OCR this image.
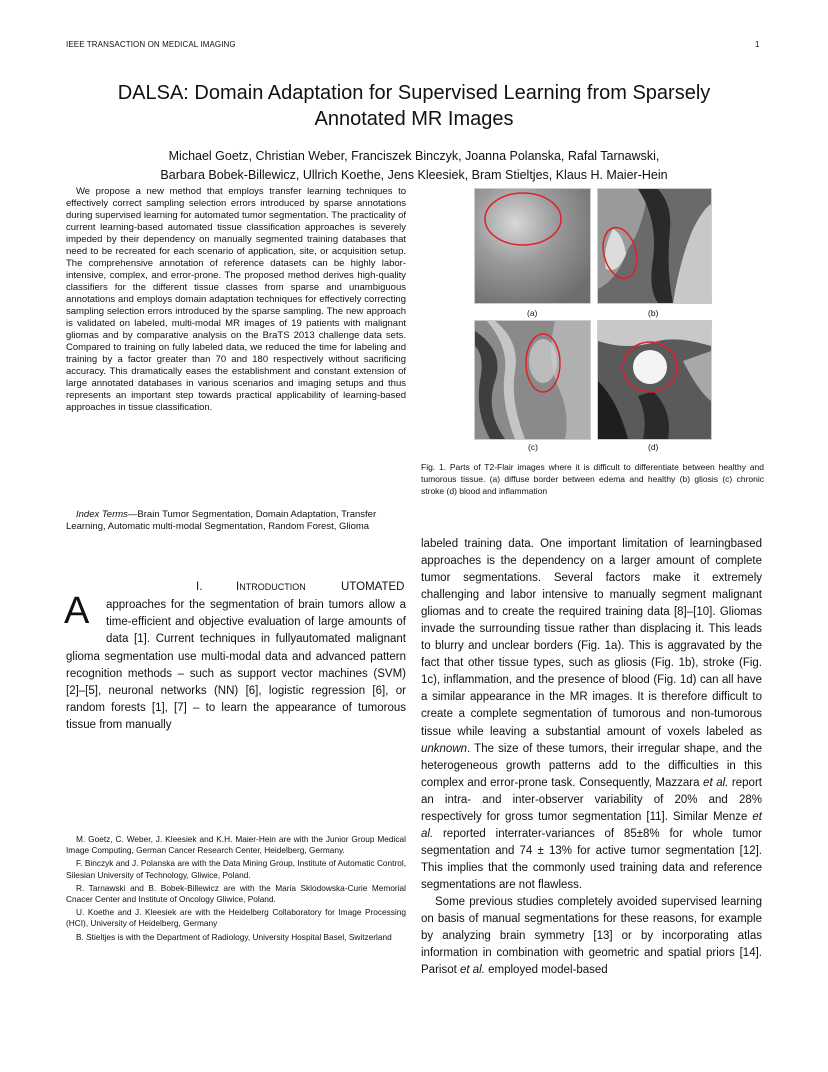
IEEE TRANSACTION ON MEDICAL IMAGING	1
DALSA: Domain Adaptation for Supervised Learning from Sparsely
Annotated MR Images
Michael Goetz, Christian Weber, Franciszek Binczyk, Joanna Polanska, Rafal Tarnawski,
Barbara Bobek-Billewicz, Ullrich Koethe, Jens Kleesiek, Bram Stieltjes, Klaus H. Maier-Hein
We propose a new method that employs transfer learning techniques to effectively correct sampling selection errors introduced by sparse annotations during supervised learning for automated tumor segmentation. The practicality of current learning-based automated tissue classification approaches is severely impeded by their dependency on manually segmented training databases that need to be recreated for each scenario of application, site, or acquisition setup. The comprehensive annotation of reference datasets can be highly labor-intensive, complex, and error-prone. The proposed method derives high-quality classifiers for the different tissue classes from sparse and unambiguous annotations and employs domain adaptation techniques for effectively correcting sampling selection errors introduced by the sparse sampling. The new approach is validated on labeled, multi-modal MR images of 19 patients with malignant gliomas and by comparative analysis on the BraTS 2013 challenge data sets. Compared to training on fully labeled data, we reduced the time for labeling and training by a factor greater than 70 and 180 respectively without sacrificing accuracy. This dramatically eases the establishment and constant extension of large annotated databases in various scenarios and imaging setups and thus represents an important step towards practical applicability of learning-based approaches in tissue classification.
Index Terms—Brain Tumor Segmentation, Domain Adaptation, Transfer Learning, Automatic multi-modal Segmentation, Random Forest, Glioma
I.	INTRODUCTION	UTOMATED
A	approaches for the segmentation of brain tumors allow a time-efficient and objective evaluation of large amounts of data [1]. Current techniques in fullyautomated malignant glioma segmentation use multi-modal data and advanced pattern recognition methods – such as support vector machines (SVM) [2]–[5], neuronal networks (NN) [6], logistic regression [6], or random forests [1], [7] – to learn the appearance of tumorous tissue from manually
M. Goetz, C. Weber, J. Kleesiek and K.H. Maier-Hein are with the Junior Group Medical Image Computing, German Cancer Research Center, Heidelberg, Germany.
F. Binczyk and J. Polanska are with the Data Mining Group, Institute of Automatic Control, Silesian University of Technology, Gliwice, Poland.
R. Tarnawski and B. Bobek-Billewicz are with the Maria Sklodowska-Curie Memorial Cnacer Center and Institute of Oncology Gliwice, Poland.
U. Koethe and J. Kleesiek are with the Heidelberg Collaboratory for Image Processing (HCI), University of Heidelberg, Germany
B. Stieltjes is with the Department of Radiology, University Hospital Basel, Switzerland
(a)	(b)
(c)	(d)
Fig. 1. Parts of T2-Flair images where it is difficult to differentiate between healthy and tumorous tissue. (a) diffuse border between edema and healthy (b) gliosis (c) chronic stroke (d) blood and inflammation
labeled training data. One important limitation of learningbased approaches is the dependency on a larger amount of complete tumor segmentations. Several factors make it extremely challenging and labor intensive to manually segment malignant gliomas and to create the required training data [8]–[10]. Gliomas invade the surrounding tissue rather than displacing it. This leads to blurry and unclear borders (Fig. 1a). This is aggravated by the fact that other tissue types, such as gliosis (Fig. 1b), stroke (Fig. 1c), inflammation, and the presence of blood (Fig. 1d) can all have a similar appearance in the MR images. It is therefore difficult to create a complete segmentation of tumorous and non-tumorous tissue while leaving a substantial amount of voxels labeled as unknown. The size of these tumors, their irregular shape, and the heterogeneous growth patterns add to the difficulties in this complex and error-prone task. Consequently, Mazzara et al. report an intra- and inter-observer variability of 20% and 28% respectively for gross tumor segmentation [11]. Similar Menze et al. reported interrater-variances of 85±8% for whole tumor segmentation and 74 ± 13% for active tumor segmentation [12]. This implies that the commonly used training data and reference segmentations are not flawless.
Some previous studies completely avoided supervised learning on basis of manual segmentations for these reasons, for example by analyzing brain symmetry [13] or by incorporating atlas information in combination with geometric and spatial priors [14]. Parisot et al. employed model-based
